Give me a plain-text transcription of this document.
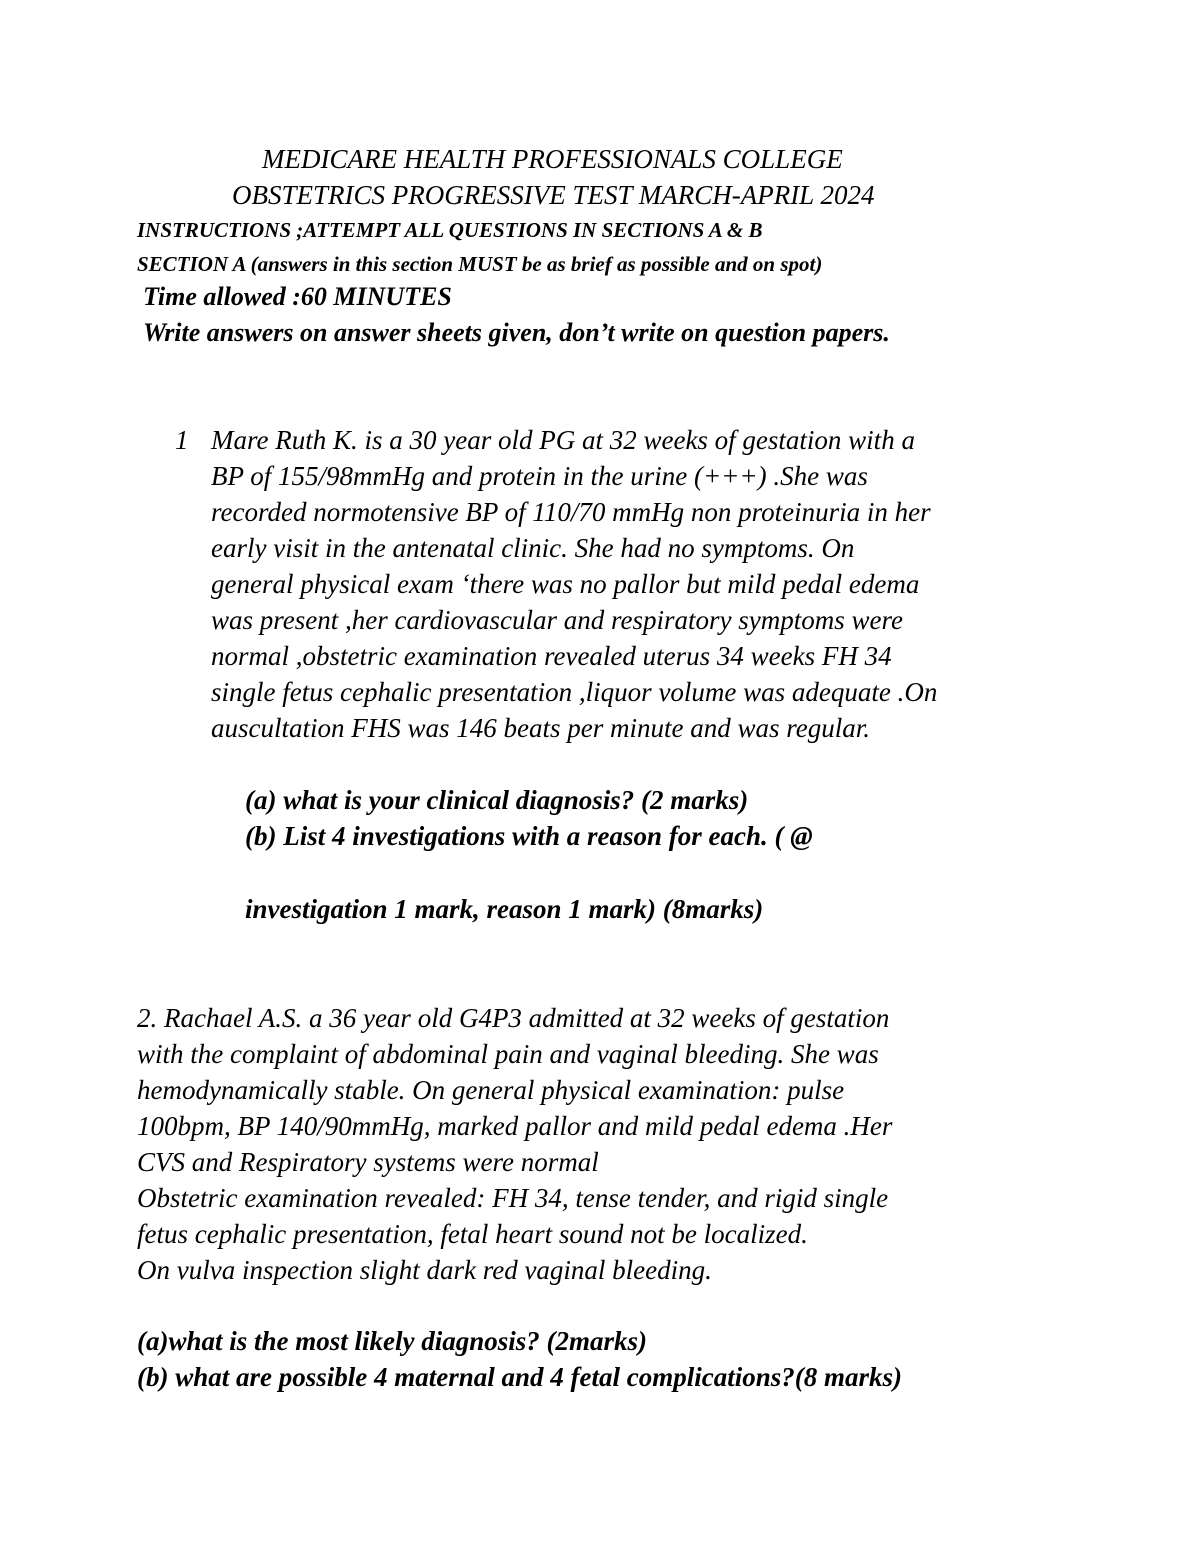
MEDICARE HEALTH PROFESSIONALS COLLEGE
OBSTETRICS PROGRESSIVE TEST MARCH-APRIL 2024
INSTRUCTIONS ;ATTEMPT ALL QUESTIONS IN SECTIONS A & B
SECTION A (answers in this section MUST be as brief as possible and on spot)
Time allowed :60 MINUTES
Write answers on answer sheets given, don’t write on question papers.
1 Mare Ruth K. is a 30 year old PG at 32 weeks of gestation with a
BP of 155/98mmHg and protein in the urine (+++) .She was
recorded normotensive BP of 110/70 mmHg non proteinuria in her
early visit in the antenatal clinic. She had no symptoms. On
general physical exam ‘there was no pallor but mild pedal edema
was present ,her cardiovascular and respiratory symptoms were
normal ,obstetric examination revealed uterus 34 weeks FH 34
single fetus cephalic presentation ,liquor volume was adequate .On
auscultation FHS was 146 beats per minute and was regular.
(a) what is your clinical diagnosis? (2 marks)
(b) List 4 investigations with a reason for each. ( @
investigation 1 mark, reason 1 mark) (8marks)
2. Rachael A.S. a 36 year old G4P3 admitted at 32 weeks of gestation
with the complaint of abdominal pain and vaginal bleeding. She was
hemodynamically stable. On general physical examination: pulse
100bpm, BP 140/90mmHg, marked pallor and mild pedal edema .Her
CVS and Respiratory systems were normal
Obstetric examination revealed: FH 34, tense tender, and rigid single
fetus cephalic presentation, fetal heart sound not be localized.
On vulva inspection slight dark red vaginal bleeding.
(a)what is the most likely diagnosis? (2marks)
(b) what are possible 4 maternal and 4 fetal complications?(8 marks)
